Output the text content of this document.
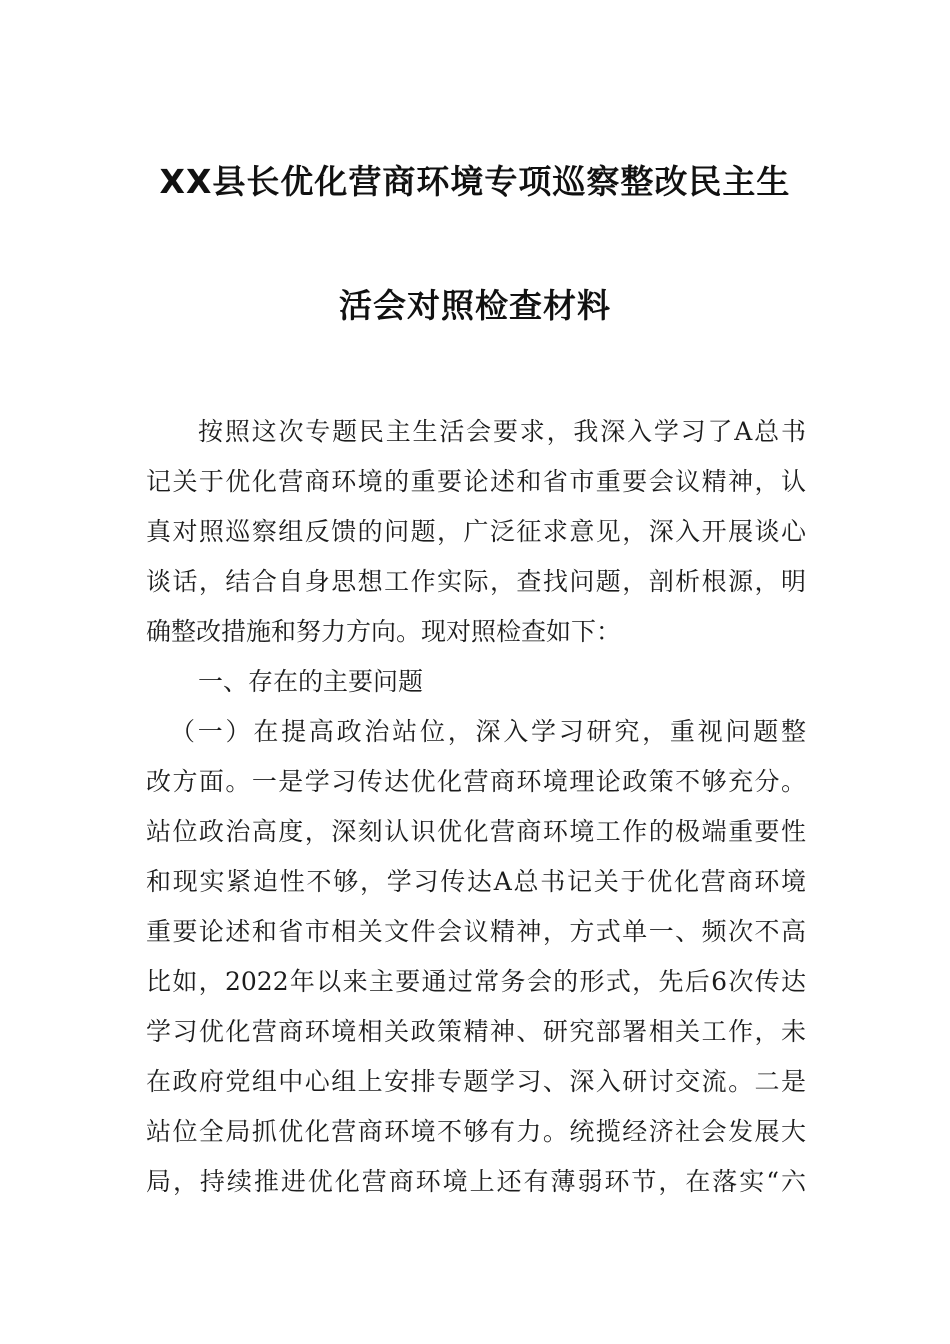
XX县长优化营商环境专项巡察整改民主生
活会对照检查材料
按照这次专题民主生活会要求，我深入学习了A总书
记关于优化营商环境的重要论述和省市重要会议精神，认
真对照巡察组反馈的问题，广泛征求意见，深入开展谈心
谈话，结合自身思想工作实际，查找问题，剖析根源，明
确整改措施和努力方向。现对照检查如下：
一、存在的主要问题
（一）在提高政治站位，深入学习研究，重视问题整
改方面。一是学习传达优化营商环境理论政策不够充分。
站位政治高度，深刻认识优化营商环境工作的极端重要性
和现实紧迫性不够，学习传达A总书记关于优化营商环境
重要论述和省市相关文件会议精神，方式单一、频次不高
比如，2022年以来主要通过常务会的形式，先后6次传达
学习优化营商环境相关政策精神、研究部署相关工作，未
在政府党组中心组上安排专题学习、深入研讨交流。二是
站位全局抓优化营商环境不够有力。统揽经济社会发展大
局，持续推进优化营商环境上还有薄弱环节，在落实“六
